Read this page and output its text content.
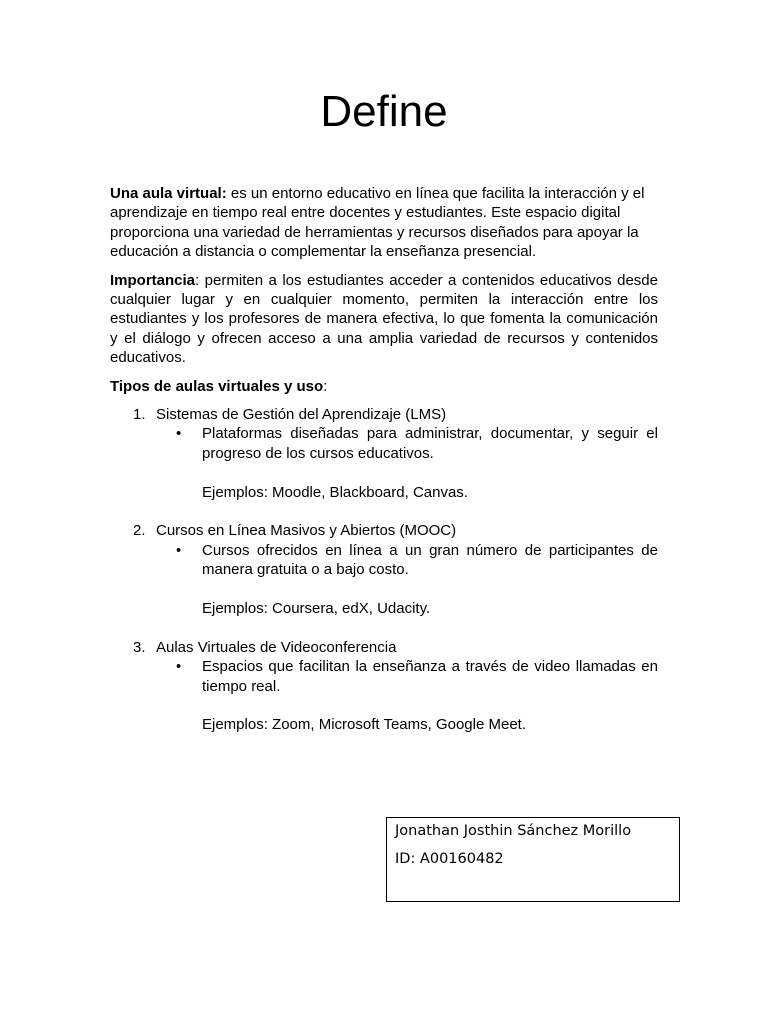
Define

Una aula virtual: es un entorno educativo en línea que facilita la interacción y el aprendizaje en tiempo real entre docentes y estudiantes. Este espacio digital proporciona una variedad de herramientas y recursos diseñados para apoyar la educación a distancia o complementar la enseñanza presencial.

Importancia: permiten a los estudiantes acceder a contenidos educativos desde cualquier lugar y en cualquier momento, permiten la interacción entre los estudiantes y los profesores de manera efectiva, lo que fomenta la comunicación y el diálogo y ofrecen acceso a una amplia variedad de recursos y contenidos educativos.

Tipos de aulas virtuales y uso:

1. Sistemas de Gestión del Aprendizaje (LMS)
• Plataformas diseñadas para administrar, documentar, y seguir el progreso de los cursos educativos.
Ejemplos: Moodle, Blackboard, Canvas.
2. Cursos en Línea Masivos y Abiertos (MOOC)
• Cursos ofrecidos en línea a un gran número de participantes de manera gratuita o a bajo costo.
Ejemplos: Coursera, edX, Udacity.
3. Aulas Virtuales de Videoconferencia
• Espacios que facilitan la enseñanza a través de video llamadas en tiempo real.
Ejemplos: Zoom, Microsoft Teams, Google Meet.
Jonathan Josthin Sánchez Morillo
ID: A00160482
